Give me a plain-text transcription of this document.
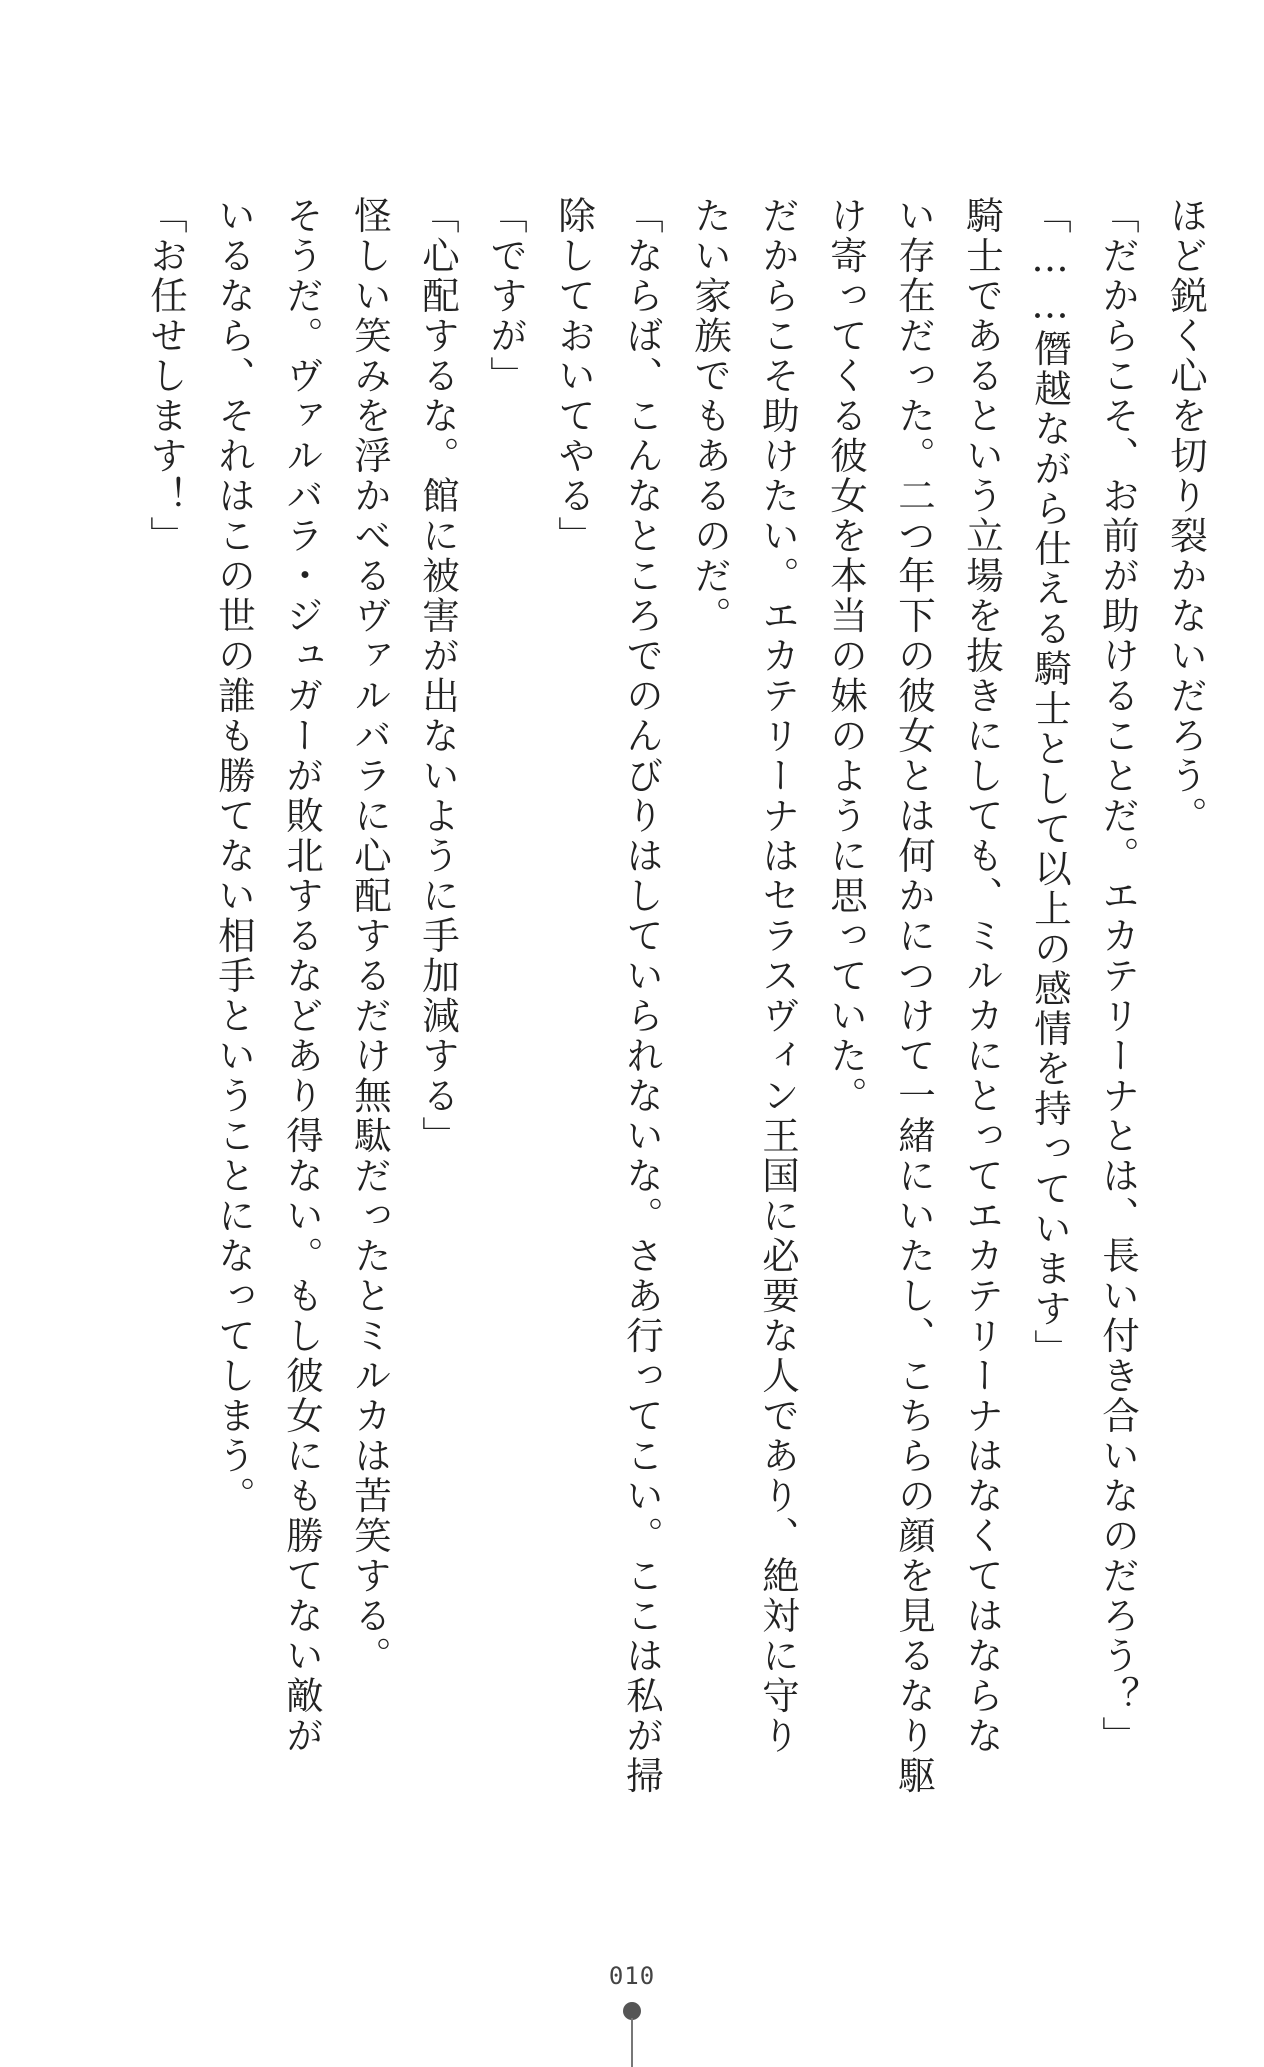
ほど鋭く心を切り裂かないだろう。
「だからこそ、お前が助けることだ。エカテリーナとは、長い付き合いなのだろう？」
「……僭越
ながら仕える騎士として以上の感情を持っています」
騎士であるという立場を抜きにしても、ミルカにとってエカテリーナはなくてはならな
い存在だった。二つ年下の彼女とは何かにつけて一緒にいたし、こちらの顔を見るなり駆
け寄ってくる彼女を本当の妹のように思っていた。
だからこそ助けたい。エカテリーナはセラスヴィン王国に必要な人であり、絶対に守り
たい家族でもあるのだ。
「ならば、こんなところでのんびりはしていられないな。さあ行ってこい。ここは私が掃
除しておいてやる」
「ですが」
「心配するな。館に被害が出ないように手加減する」
怪しい笑みを浮かべるヴァルバラに心配するだけ無駄だったとミルカは苦笑する。
そうだ。ヴァルバラ・ジュガーが敗北するなどあり得ない。もし彼女にも勝てない敵が
いるなら、それはこの世の誰も勝てない相手ということになってしまう。
「お任せします！」
010
